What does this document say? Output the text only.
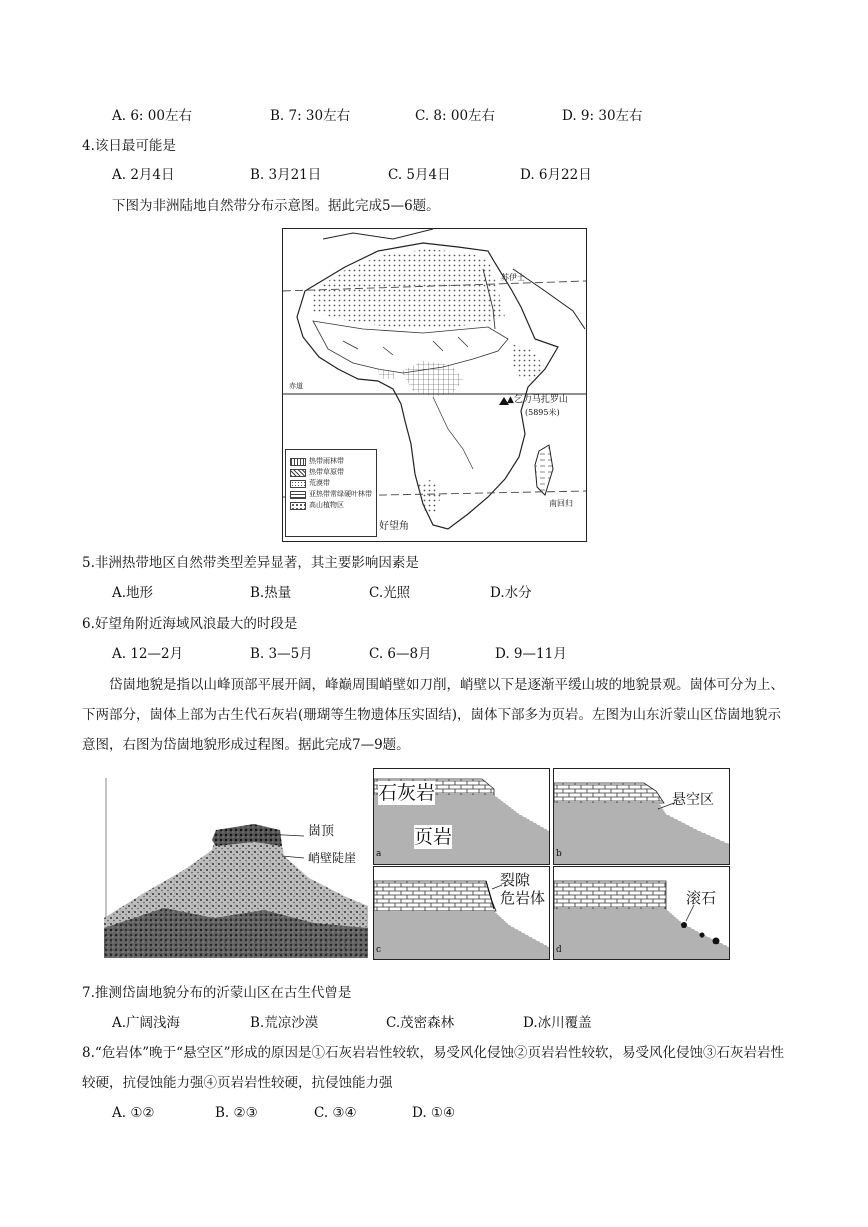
A. 6: 00左右	B. 7: 30左右	C. 8: 00左右	D. 9: 30左右
4.该日最可能是
A. 2月4日	B. 3月21日	C. 5月4日	D. 6月22日
下图为非洲陆地自然带分布示意图。据此完成5—6题。
苏伊士
赤道
▲乞力马扎罗山
(5895米)
南回归
好望角
热带雨林带
热带草原带
荒漠带
亚热带常绿硬叶林带
高山植物区
5.非洲热带地区自然带类型差异显著，其主要影响因素是
A.地形	B.热量	C.光照	D.水分
6.好望角附近海域风浪最大的时段是
A. 12—2月	B. 3—5月	C. 6—8月	D. 9—11月
岱崮地貌是指以山峰顶部平展开阔，峰巅周围峭壁如刀削，峭壁以下是逐渐平缓山坡的地貌景观。崮体可分为上、下两部分，崮体上部为古生代石灰岩(珊瑚等生物遗体压实固结)，崮体下部多为页岩。左图为山东沂蒙山区岱崮地貌示意图，右图为岱崮地貌形成过程图。据此完成7—9题。
崮顶
峭壁陡崖
石灰岩
页岩
a
悬空区
b
裂隙
危岩体
c
滚石
d
7.推测岱崮地貌分布的沂蒙山区在古生代曾是
A.广阔浅海	B.荒凉沙漠	C.茂密森林	D.冰川覆盖
8.“危岩体”晚于“悬空区”形成的原因是①石灰岩岩性较软，易受风化侵蚀②页岩岩性较软，易受风化侵蚀③石灰岩岩性较硬，抗侵蚀能力强④页岩岩性较硬，抗侵蚀能力强
A. ①②	B. ②③	C. ③④	D. ①④
